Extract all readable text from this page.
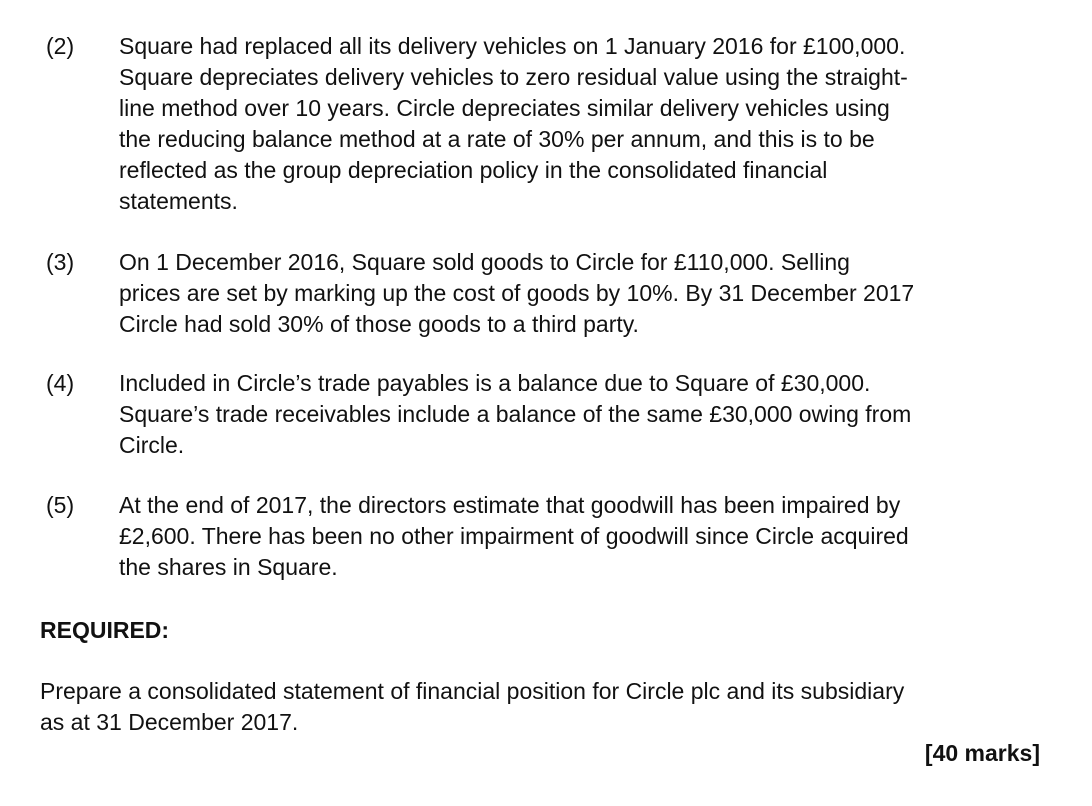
(2) Square had replaced all its delivery vehicles on 1 January 2016 for £100,000.
Square depreciates delivery vehicles to zero residual value using the straight-
line method over 10 years. Circle depreciates similar delivery vehicles using
the reducing balance method at a rate of 30% per annum, and this is to be
reflected as the group depreciation policy in the consolidated financial
statements.

(3) On 1 December 2016, Square sold goods to Circle for £110,000. Selling
prices are set by marking up the cost of goods by 10%. By 31 December 2017
Circle had sold 30% of those goods to a third party.

(4) Included in Circle’s trade payables is a balance due to Square of £30,000.
Square’s trade receivables include a balance of the same £30,000 owing from
Circle.

(5) At the end of 2017, the directors estimate that goodwill has been impaired by
£2,600. There has been no other impairment of goodwill since Circle acquired
the shares in Square.

REQUIRED:
Prepare a consolidated statement of financial position for Circle plc and its subsidiary
as at 31 December 2017.
[40 marks]
